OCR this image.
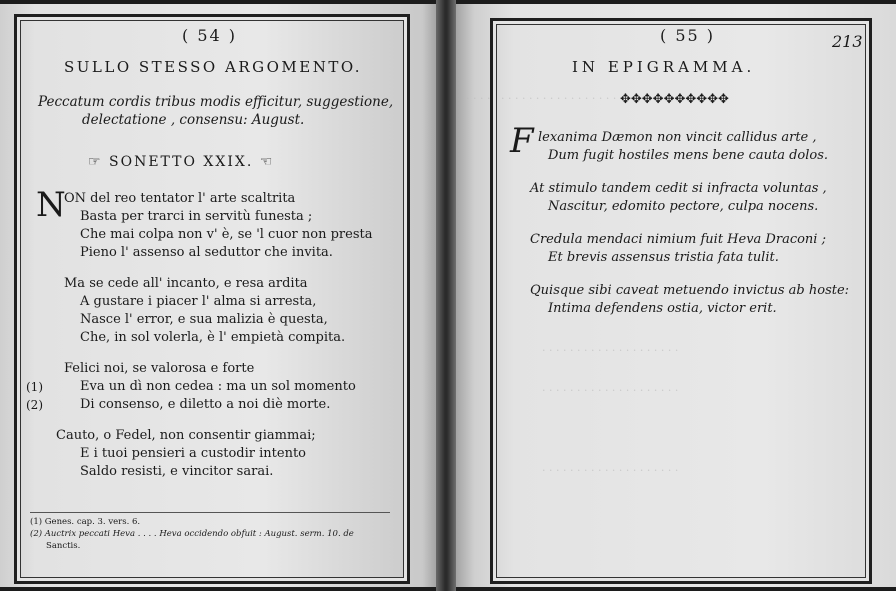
( 54 )
SULLO STESSO ARGOMENTO.
Peccatum cordis tribus modis efficitur, suggestione,
delectatione , consensu: August.
☞ SONETTO XXIX. ☜
N
ON del reo tentator l' arte scaltrita
Basta per trarci in servitù funesta ;
Che mai colpa non v' è, se 'l cuor non presta
Pieno l' assenso al seduttor che invita.
Ma se cede all' incanto, e resa ardita
A gustare i piacer l' alma si arresta,
Nasce l' error, e sua malizia è questa,
Che, in sol volerla, è l' empietà compita.
Felici noi, se valorosa e forte
(1)	Eva un dì non cedea : ma un sol momento
(2)	Di consenso, e diletto a noi diè morte.
Cauto, o Fedel, non consentir giammai;
E i tuoi pensieri a custodir intento
Saldo resisti, e vincitor sarai.
(1) Genes. cap. 3. vers. 6.
(2) Auctrix peccati Heva . . . . Heva occidendo obfuit : August. serm. 10. de
Sanctis.
· · · · · · · · · · · · · · · · · · · · · · · ·
( 55 )	213
IN EPIGRAMMA.
✥✥✥✥✥✥✥✥✥✥
F lexanima Dæmon non vincit callidus arte ,
Dum fugit hostiles mens bene cauta dolos.
At stimulo tandem cedit si infracta voluntas ,
Nascitur, edomito pectore, culpa nocens.
Credula mendaci nimium fuit Heva Draconi ;
Et brevis assensus tristia fata tulit.
Quisque sibi caveat metuendo invictus ab hoste:
Intima defendens ostia, victor erit.
· · · · · · · · · · · · · · · · · · · ·
· · · · · · · · · · · · · · · · · · · ·
· · · · · · · · · · · · · · · · · · · ·
